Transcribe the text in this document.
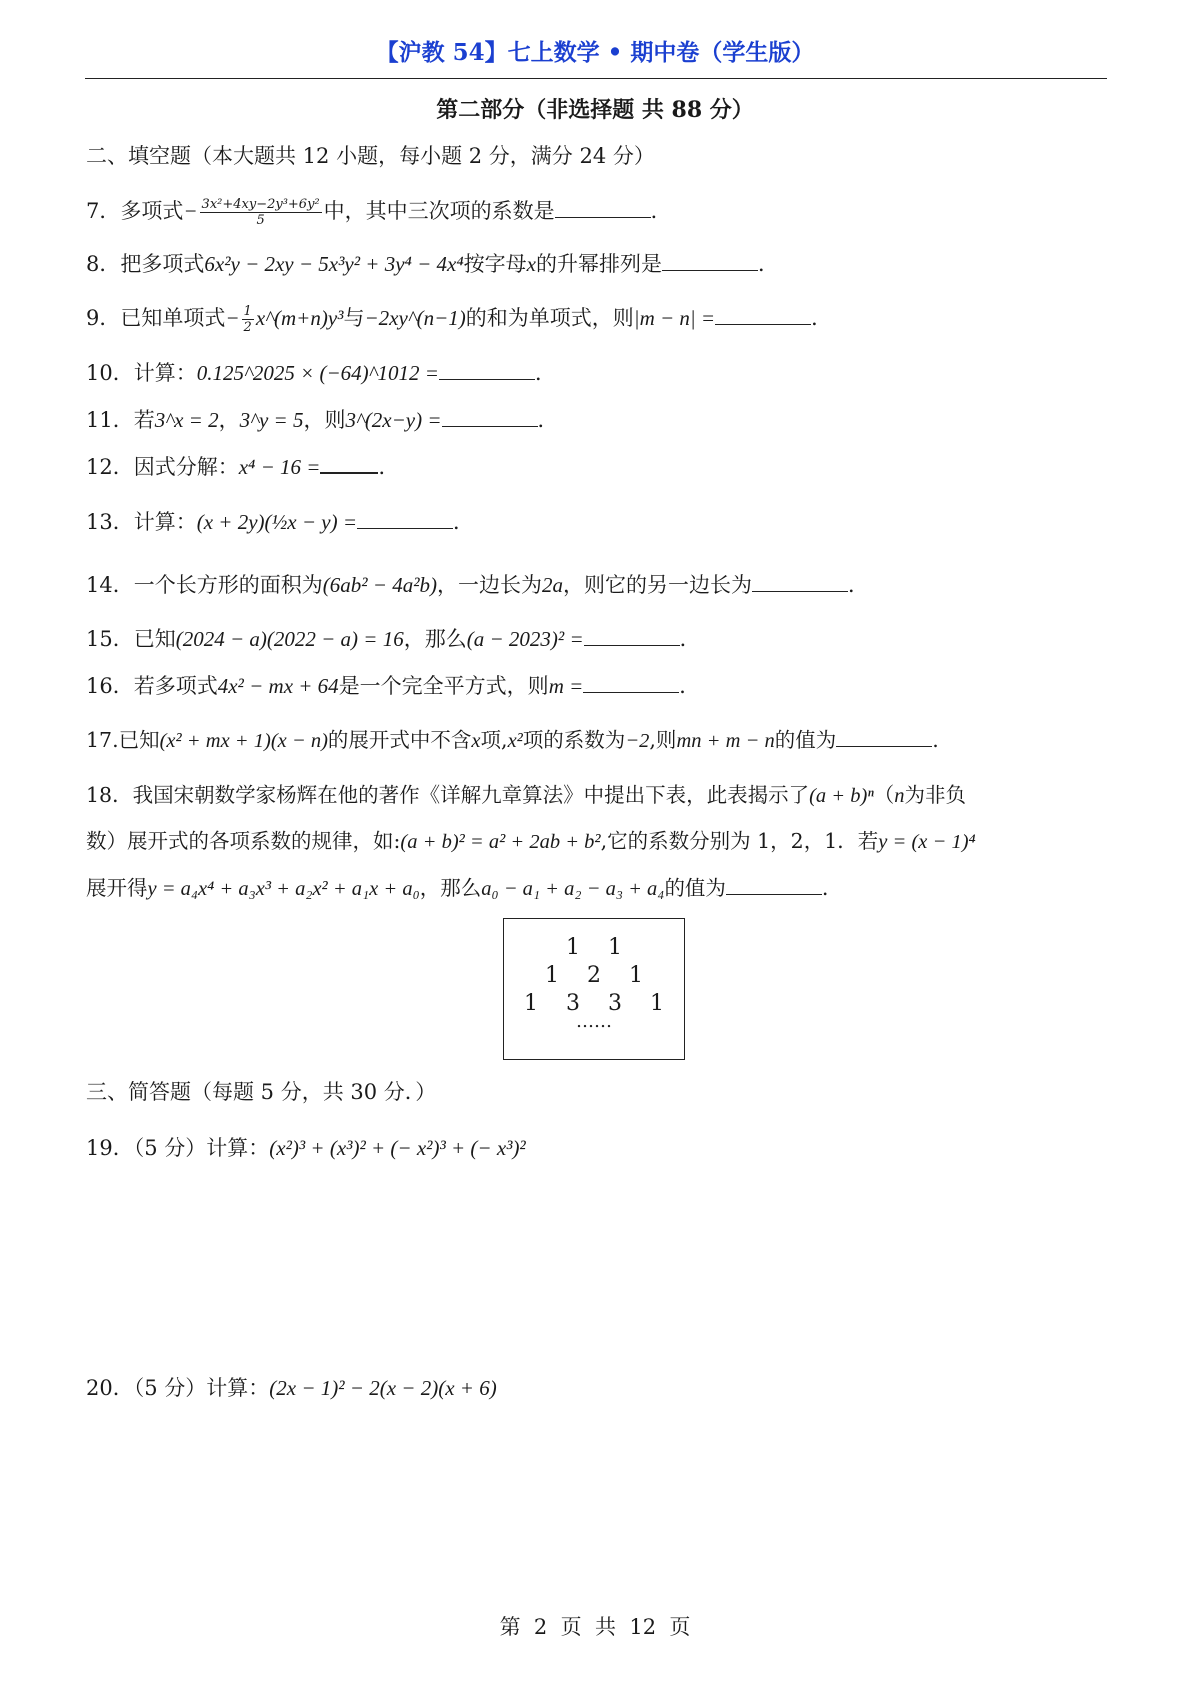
【沪教 54】七上数学 • 期中卷（学生版）
第二部分（非选择题 共 88 分）
二、填空题（本大题共 12 小题，每小题 2 分，满分 24 分）
7．多项式− $\frac{\text{3x²+4xy−2y³+6y²}}{5}$ 中，其中三次项的系数是	．
8．把多项式6x²y − 2xy − 5x³y² + 3y⁴ − 4x⁴按字母x的升幂排列是	．
9．已知单项式− $\frac{1}{2}$ x^(m+n)y³与−2xy^(n−1)的和为单项式，则|m − n| =	．
10．计算：0.125^2025 × (−64)^1012 =	．
11．若3^x = 2，3^y = 5，则3^(2x−y) =	．
12．因式分解：x⁴ − 16 =	．
13．计算：(x + 2y)(½x − y) =	．
14．一个长方形的面积为(6ab² − 4a²b)，一边长为2a，则它的另一边长为	．
15．已知(2024 − a)(2022 − a) = 16，那么(a − 2023)² =	．
16．若多项式4x² − mx + 64是一个完全平方式，则m =	．
17.已知(x² + mx + 1)(x − n)的展开式中不含x项,x²项的系数为−2,则mn + m − n的值为	.
18．我国宋朝数学家杨辉在他的著作《详解九章算法》中提出下表，此表揭示了(a + b)ⁿ（n为非负
数）展开式的各项系数的规律，如:(a + b)² = a² + 2ab + b²,它的系数分别为 1，2，1．若y = (x − 1)⁴
展开得y = a₄x⁴ + a₃x³ + a₂x² + a₁x + a₀，那么a₀ − a₁ + a₂ − a₃ + a₄的值为	．
1    1
1    2    1
1    3    3    1
……
三、简答题（每题 5 分，共 30 分．）
19．（5 分）计算：(x²)³ + (x³)² + (− x²)³ + (− x³)²
20．（5 分）计算：(2x − 1)² − 2(x − 2)(x + 6)
第  2  页  共  12  页
